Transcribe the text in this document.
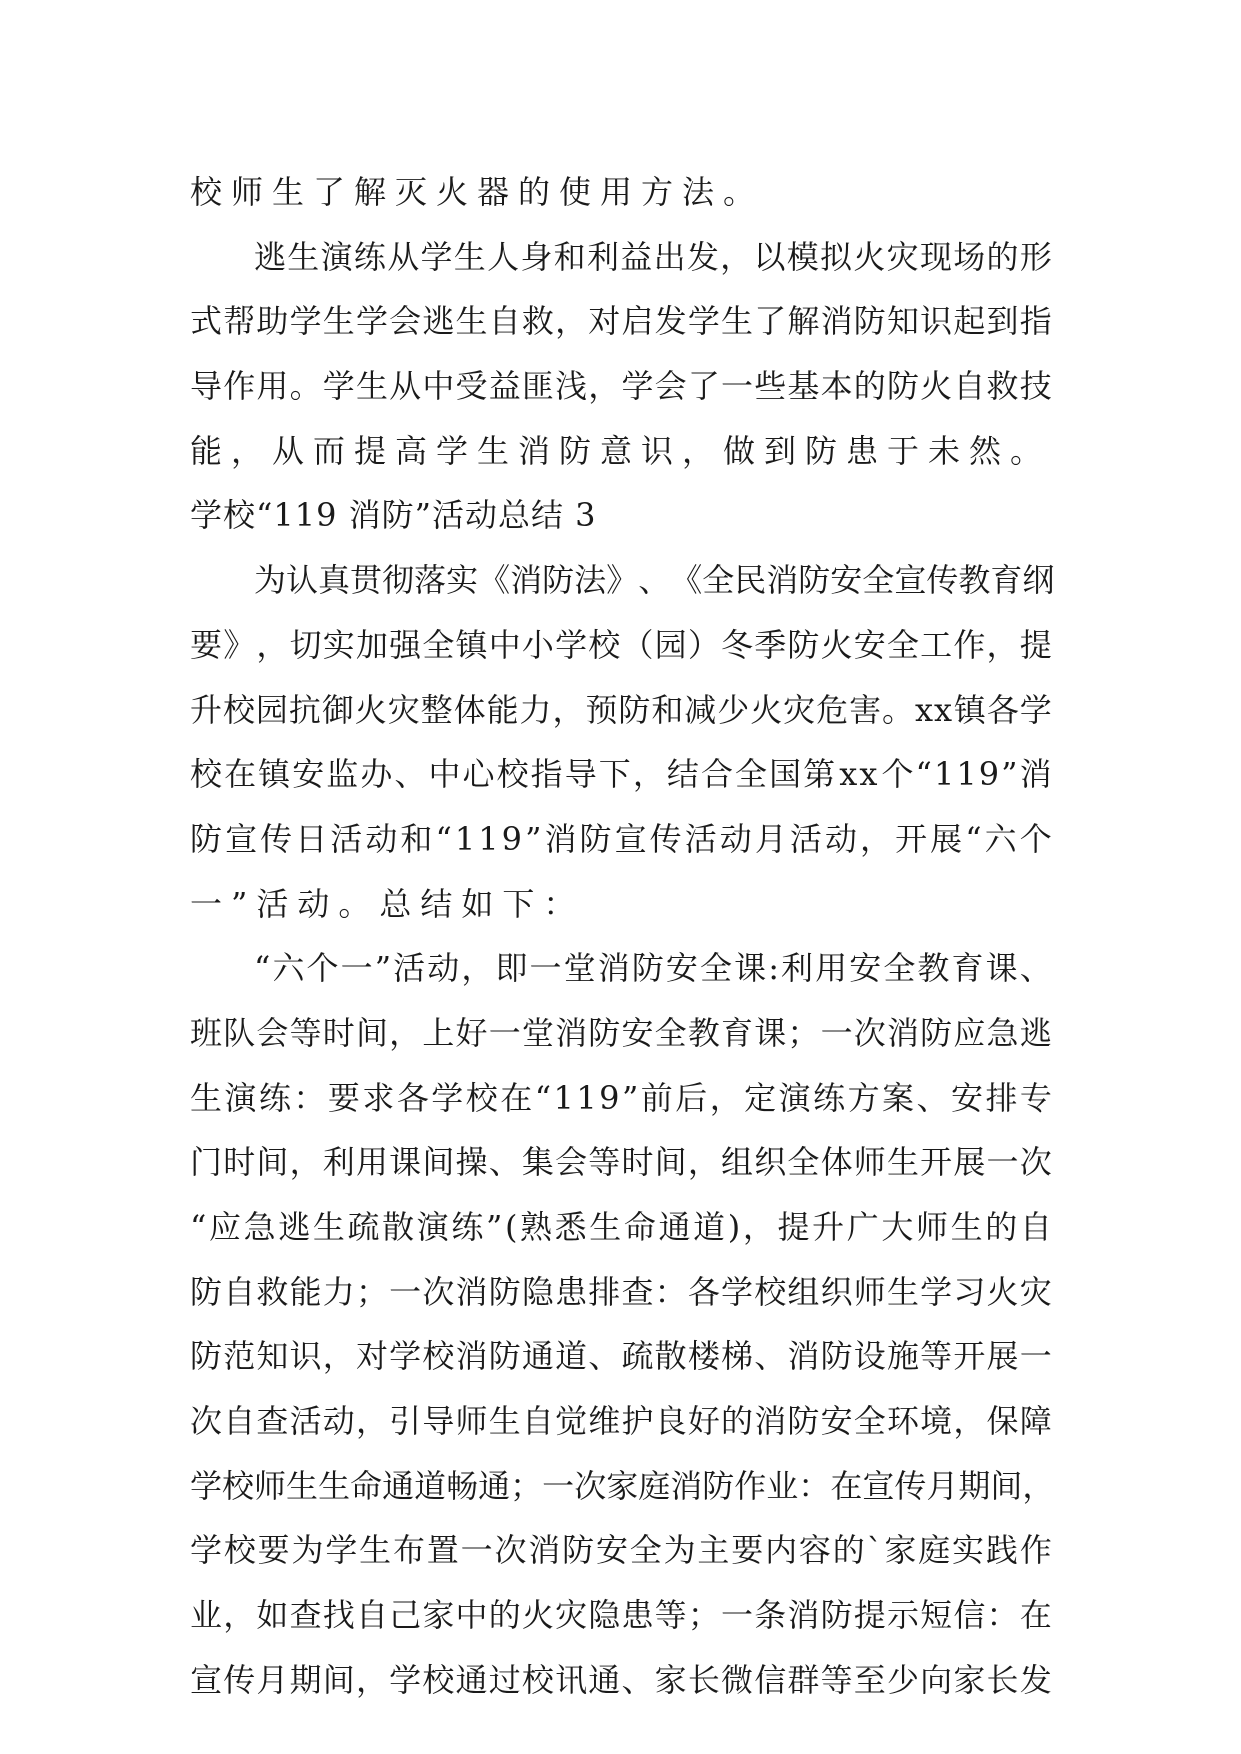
校师生了解灭火器的使用方法。
逃 生 演 练 从 学 生 人 身 和 利 益 出 发 ， 以 模 拟 火 灾 现 场 的 形
式 帮 助 学 生 学 会 逃 生 自 救 ， 对 启 发 学 生 了 解 消 防 知 识 起 到 指
导 作 用 。 学 生 从 中 受 益 匪 浅 ， 学 会 了 一 些 基 本 的 防 火 自 救 技
能，从而提高学生消防意识，做到防患于未然。
学校“119 消防”活动总结 3
为 认 真 贯 彻 落 实 《 消 防 法 》 、 《 全 民 消 防 安 全 宣 传 教 育 纲
要 》 ， 切 实 加 强 全 镇 中 小 学 校 （ 园 ） 冬 季 防 火 安 全 工 作 ， 提
升 校 园 抗 御 火 灾 整 体 能 力 ， 预 防 和 减 少 火 灾 危 害 。 x x 镇 各 学
校 在 镇 安 监 办 、 中 心 校 指 导 下 ， 结 合 全 国 第 x x 个 “ 1 1 9 ” 消
防 宣 传 日 活 动 和 “ 1 1 9 ” 消 防 宣 传 活 动 月 活 动 ， 开 展 “ 六 个
一”活动。总结如下：
“ 六 个 一 ” 活 动 ， 即 一 堂 消 防 安 全 课 : 利 用 安 全 教 育 课 、
班 队 会 等 时 间 ， 上 好 一 堂 消 防 安 全 教 育 课 ； 一 次 消 防 应 急 逃
生 演 练 ： 要 求 各 学 校 在 “ 1 1 9 ” 前 后 ， 定 演 练 方 案 、 安 排 专
门 时 间 ， 利 用 课 间 操 、 集 会 等 时 间 ， 组 织 全 体 师 生 开 展 一 次
“ 应 急 逃 生 疏 散 演 练 ” ( 熟 悉 生 命 通 道 ) ， 提 升 广 大 师 生 的 自
防 自 救 能 力 ； 一 次 消 防 隐 患 排 查 ： 各 学 校 组 织 师 生 学 习 火 灾
防 范 知 识 ， 对 学 校 消 防 通 道 、 疏 散 楼 梯 、 消 防 设 施 等 开 展 一
次 自 查 活 动 ， 引 导 师 生 自 觉 维 护 良 好 的 消 防 安 全 环 境 ， 保 障
学 校 师 生 生 命 通 道 畅 通 ； 一 次 家 庭 消 防 作 业 ： 在 宣 传 月 期 间 ，
学 校 要 为 学 生 布 置 一 次 消 防 安 全 为 主 要 内 容 的 ` 家 庭 实 践 作
业 ， 如 查 找 自 己 家 中 的 火 灾 隐 患 等 ； 一 条 消 防 提 示 短 信 ： 在
宣 传 月 期 间 ， 学 校 通 过 校 讯 通 、 家 长 微 信 群 等 至 少 向 家 长 发
